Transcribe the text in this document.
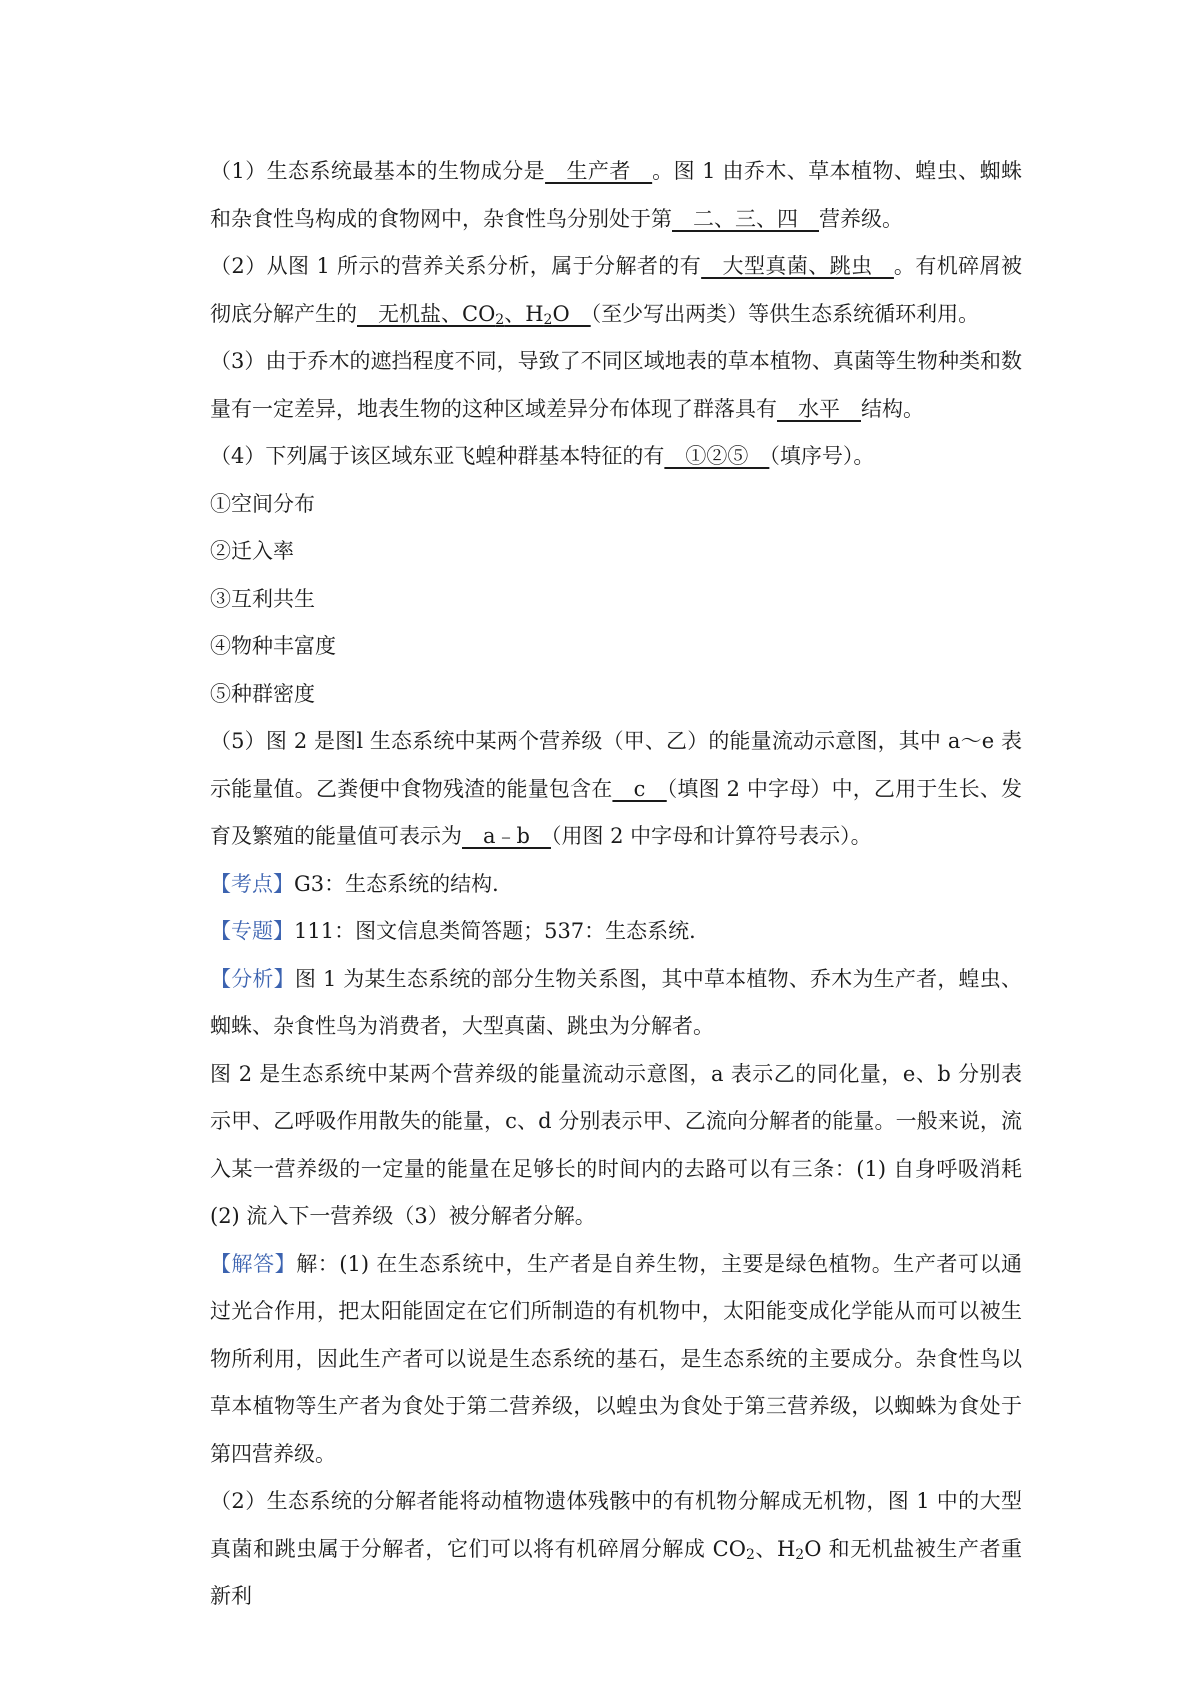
（1）生态系统最基本的生物成分是　生产者　。图 1 由乔木、草本植物、蝗虫、蜘蛛和杂食性鸟构成的食物网中，杂食性鸟分别处于第　二、三、四　营养级。

（2）从图 1 所示的营养关系分析，属于分解者的有　大型真菌、跳虫　。有机碎屑被彻底分解产生的　无机盐、$CO_2$、$H_2O$　（至少写出两类）等供生态系统循环利用。

（3）由于乔木的遮挡程度不同，导致了不同区域地表的草本植物、真菌等生物种类和数量有一定差异，地表生物的这种区域差异分布体现了群落具有　水平　结构。

（4）下列属于该区域东亚飞蝗种群基本特征的有　①②⑤　（填序号）。

①空间分布

②迁入率

③互利共生

④物种丰富度

⑤种群密度

（5）图 2 是图l 生态系统中某两个营养级（甲、乙）的能量流动示意图，其中 a～e 表示能量值。乙粪便中食物残渣的能量包含在　c　（填图 2 中字母）中，乙用于生长、发育及繁殖的能量值可表示为　a﹣b　（用图 2 中字母和计算符号表示）。

【考点】G3：生态系统的结构．

【专题】111：图文信息类简答题；537：生态系统．

【分析】图 1 为某生态系统的部分生物关系图，其中草本植物、乔木为生产者，蝗虫、蜘蛛、杂食性鸟为消费者，大型真菌、跳虫为分解者。

图 2 是生态系统中某两个营养级的能量流动示意图，a 表示乙的同化量，e、b 分别表示甲、乙呼吸作用散失的能量，c、d 分别表示甲、乙流向分解者的能量。一般来说，流入某一营养级的一定量的能量在足够长的时间内的去路可以有三条：(1) 自身呼吸消耗 (2) 流入下一营养级（3）被分解者分解。

【解答】解：(1) 在生态系统中，生产者是自养生物，主要是绿色植物。生产者可以通过光合作用，把太阳能固定在它们所制造的有机物中，太阳能变成化学能从而可以被生物所利用，因此生产者可以说是生态系统的基石，是生态系统的主要成分。杂食性鸟以草本植物等生产者为食处于第二营养级，以蝗虫为食处于第三营养级，以蜘蛛为食处于第四营养级。

（2）生态系统的分解者能将动植物遗体残骸中的有机物分解成无机物，图 1 中的大型真菌和跳虫属于分解者，它们可以将有机碎屑分解成 $CO_2$、$H_2O$ 和无机盐被生产者重新利
